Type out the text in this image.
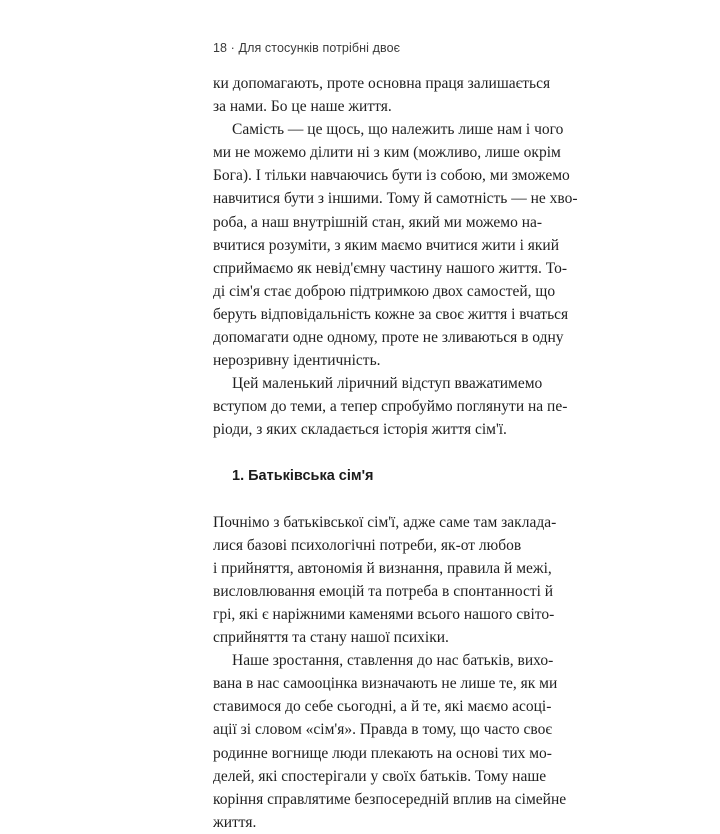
18 · Для стосунків потрібні двоє
ки допомагають, проте основна праця залишається
за нами. Бо це наше життя.
Самість — це щось, що належить лише нам і чого
ми не можемо ділити ні з ким (можливо, лише окрім
Бога). І тільки навчаючись бути із собою, ми зможемо
навчитися бути з іншими. Тому й самотність — не хво-
роба, а наш внутрішній стан, який ми можемо на-
вчитися розуміти, з яким маємо вчитися жити і який
сприймаємо як невід'ємну частину нашого життя. То-
ді сім'я стає доброю підтримкою двох самостей, що
беруть відповідальність кожне за своє життя і вчаться
допомагати одне одному, проте не зливаються в одну
нерозривну ідентичність.
Цей маленький ліричний відступ вважатимемо
вступом до теми, а тепер спробуймо поглянути на пе-
ріоди, з яких складається історія життя сім'ї.
1. Батьківська сім'я
Почнімо з батьківської сім'ї, адже саме там заклада-
лися базові психологічні потреби, як-от любов
і прийняття, автономія й визнання, правила й межі,
висловлювання емоцій та потреба в спонтанності й
грі, які є наріжними каменями всього нашого світо-
сприйняття та стану нашої психіки.
Наше зростання, ставлення до нас батьків, вихо-
вана в нас самооцінка визначають не лише те, як ми
ставимося до себе сьогодні, а й те, які маємо асоці-
ації зі словом «сім'я». Правда в тому, що часто своє
родинне вогнище люди плекають на основі тих мо-
делей, які спостерігали у своїх батьків. Тому наше
коріння справлятиме безпосередній вплив на сімейне
життя.
